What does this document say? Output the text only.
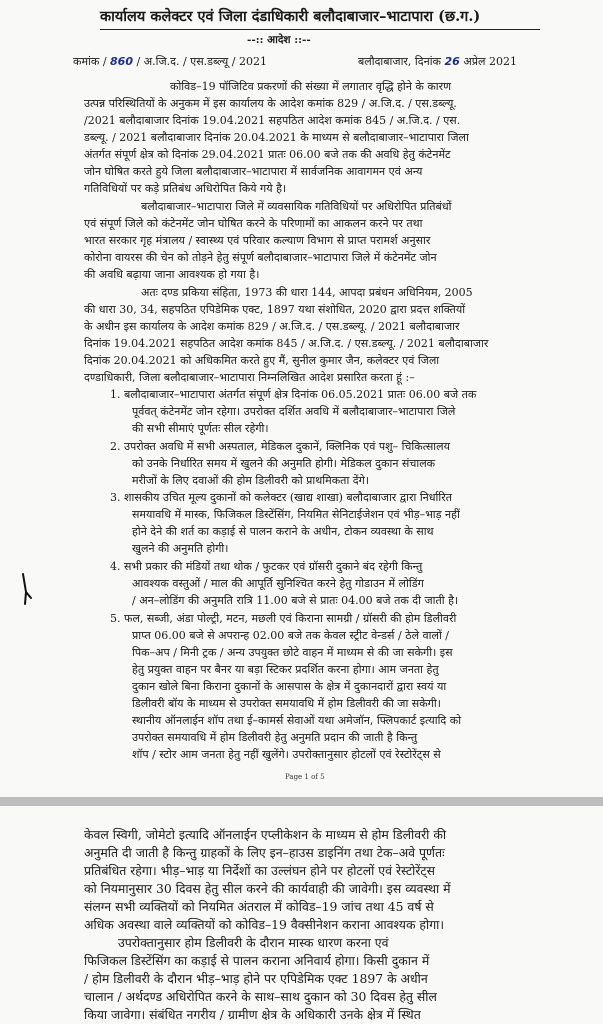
कार्यालय कलेक्टर एवं जिला दंडाधिकारी बलौदाबाजार–भाटापारा (छ.ग.)
--:: आदेश ::--
कमांक / 860 / अ.जि.द. / एस.डब्ल्यू / 2021	बलौदाबाजार, दिनांक 26 अप्रेल 2021
कोविड–19 पॉजिटिव प्रकरणों की संख्या में लगातार वृद्धि होने के कारण
उत्पन्न परिस्थितियों के अनुकम में इस कार्यालय के आदेश कमांक 829 / अ.जि.द. / एस.डब्ल्यू.
/2021 बलौदाबाजार दिनांक 19.04.2021 सहपठित आदेश कमांक 845 / अ.जि.द. / एस.
डब्ल्यू. / 2021 बलौदाबाजार दिनांक 20.04.2021 के माध्यम से बलौदाबाजार–भाटापारा जिला
अंतर्गत संपूर्ण क्षेत्र को दिनांक 29.04.2021 प्रातः 06.00 बजे तक की अवधि हेतु कंटेनमेंट
जोन घोषित करते हुये जिला बलौदाबाजार–भाटापारा में सार्वजनिक आवागमन एवं अन्य
गतिविधियों पर कड़े प्रतिबंध अधिरोपित किये गये है।
बलौदाबाजार–भाटापारा जिले में व्यवसायिक गतिविधियों पर अधिरोपित प्रतिबंधों
एवं संपूर्ण जिले को कंटेनमेंट जोन घोषित करने के परिणामों का आकलन करने पर तथा
भारत सरकार गृह मंत्रालय / स्वास्थ्य एवं परिवार कल्याण विभाग से प्राप्त परामर्श अनुसार
कोरोना वायरस की चेन को तोड़ने हेतु संपूर्ण बलौदाबाजार–भाटापारा जिले में कंटेनमेंट जोन
की अवधि बढ़ाया जाना आवश्यक हो गया है।
अतः दण्ड प्रकिया संहिता, 1973 की धारा 144, आपदा प्रबंधन अधिनियम, 2005
की धारा 30, 34, सहपठित एपिडेमिक एक्ट, 1897 यथा संशोधित, 2020 द्वारा प्रदत्त शक्तियों
के अधीन इस कार्यालय के आदेश कमांक 829 / अ.जि.द. / एस.डब्ल्यू. / 2021 बलौदाबाजार
दिनांक 19.04.2021 सहपठित आदेश कमांक 845 / अ.जि.द. / एस.डब्ल्यू. / 2021 बलौदाबाजार
दिनांक 20.04.2021 को अधिकमित करते हुए मैं, सुनील कुमार जैन, कलेक्टर एवं जिला
दण्डाधिकारी, जिला बलौदाबाजार–भाटापारा निम्नलिखित आदेश प्रसारित करता हूं :–
1. बलौदाबाजार–भाटापारा अंतर्गत संपूर्ण क्षेत्र दिनांक 06.05.2021 प्रातः 06.00 बजे तक
पूर्ववत् कंटेनमेंट जोन रहेगा। उपरोक्त दर्शित अवधि में बलौदाबाजार–भाटापारा जिले
की सभी सीमाएं पूर्णतः सील रहेगी।
2. उपरोक्त अवधि में सभी अस्पताल, मेडिकल दुकानें, क्लिनिक एवं पशु– चिकित्सालय
को उनके निर्धारित समय में खुलने की अनुमति होगी। मेडिकल दुकान संचालक
मरीजों के लिए दवाओं की होम डिलीवरी को प्राथमिकता देंगे।
3. शासकीय उचित मूल्य दुकानों को कलेक्टर (खाद्य शाखा) बलौदाबाजार द्वारा निर्धारित
समयावधि में मास्क, फिजिकल डिस्टेंसिंग, नियमित सेनिटाईजेशन एवं भीड़–भाड़ नहीं
होने देने की शर्त का कड़ाई से पालन कराने के अधीन, टोकन व्यवस्था के साथ
खुलने की अनुमति होगी।
4. सभी प्रकार की मंडियों तथा थोक / फुटकर एवं ग्रॉसरी दुकाने बंद रहेगी किन्तु
आवश्यक वस्तुओं / माल की आपूर्ति सुनिश्चित करने हेतु गोडाउन में लोडिंग
/ अन–लोडिंग की अनुमति रात्रि 11.00 बजे से प्रातः 04.00 बजे तक दी जाती है।
5. फल, सब्जी, अंडा पोल्ट्री, मटन, मछली एवं किराना सामग्री / ग्रॉसरी की होम डिलीवरी
प्राप्त 06.00 बजे से अपरान्ह 02.00 बजे तक केवल स्ट्रीट वेन्डर्स / ठेले वालों /
पिक–अप / मिनी ट्रक / अन्य उपयुक्त छोटे वाहन में माध्यम से की जा सकेगी। इस
हेतु प्रयुक्त वाहन पर बैनर या बड़ा स्टिकर प्रदर्शित करना होगा। आम जनता हेतु
दुकान खोले बिना किराना दुकानों के आसपास के क्षेत्र में दुकानदारों द्वारा स्वयं या
डिलीवरी बॉय के माध्यम से उपरोक्त समयावधि में होम डिलीवरी की जा सकेगी।
स्थानीय ऑनलाईन शॉप तथा ई–कामर्स सेवाओं यथा अमेजॉन, फ्लिपकार्ट इत्यादि को
उपरोक्त समयावधि में होम डिलीवरी हेतु अनुमति प्रदान की जाती है किन्तु
शॉप / स्टोर आम जनता हेतु नहीं खुलेंगे। उपरोक्तानुसार होटलों एवं रेस्टोरेंट्स से
Page 1 of 5
केवल स्विगी, जोमेटो इत्यादि ऑनलाईन एप्लीकेशन के माध्यम से होम डिलीवरी की
अनुमति दी जाती है किन्तु ग्राहकों के लिए इन–हाउस डाइनिंग तथा टेक–अवे पूर्णतः
प्रतिबंधित रहेगा। भीड़–भाड़ या निर्देशों का उल्लंघन होने पर होटलों एवं रेस्टोरेंट्स
को नियमानुसार 30 दिवस हेतु सील करने की कार्यवाही की जावेगी। इस व्यवस्था में
संलग्न सभी व्यक्तियों को नियमित अंतराल में कोविड–19 जांच तथा 45 वर्ष से
अधिक अवस्था वाले व्यक्तियों को कोविड–19 वैक्सीनेशन कराना आवश्यक होगा।
उपरोक्तानुसार होम डिलीवरी के दौरान मास्क धारण करना एवं
फिजिकल डिस्टेंसिंग का कड़ाई से पालन कराना अनिवार्य होगा। किसी दुकान में
/ होम डिलीवरी के दौरान भीड़–भाड़ होने पर एपिडेमिक एक्ट 1897 के अधीन
चालान / अर्थदण्ड अधिरोपित करने के साथ–साथ दुकान को 30 दिवस हेतु सील
किया जावेगा। संबंधित नगरीय / ग्रामीण क्षेत्र के अधिकारी उनके क्षेत्र में स्थित
